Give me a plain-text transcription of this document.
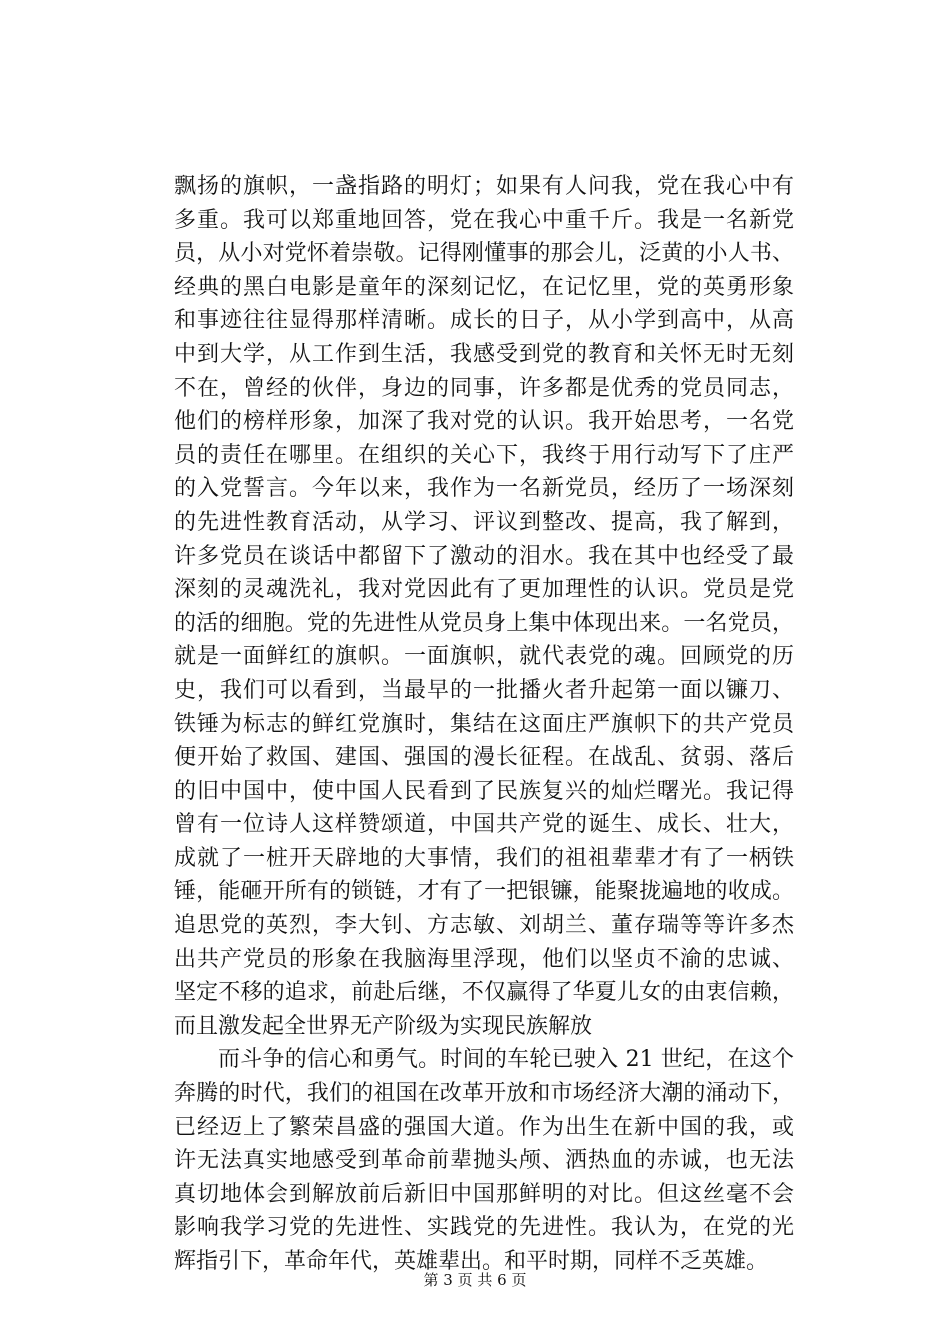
飘扬的旗帜，一盏指路的明灯；如果有人问我，党在我心中有
多重。我可以郑重地回答，党在我心中重千斤。我是一名新党
员，从小对党怀着崇敬。记得刚懂事的那会儿，泛黄的小人书、
经典的黑白电影是童年的深刻记忆，在记忆里，党的英勇形象
和事迹往往显得那样清晰。成长的日子，从小学到高中，从高
中到大学，从工作到生活，我感受到党的教育和关怀无时无刻
不在，曾经的伙伴，身边的同事，许多都是优秀的党员同志，
他们的榜样形象，加深了我对党的认识。我开始思考，一名党
员的责任在哪里。在组织的关心下，我终于用行动写下了庄严
的入党誓言。今年以来，我作为一名新党员，经历了一场深刻
的先进性教育活动，从学习、评议到整改、提高，我了解到，
许多党员在谈话中都留下了激动的泪水。我在其中也经受了最
深刻的灵魂洗礼，我对党因此有了更加理性的认识。党员是党
的活的细胞。党的先进性从党员身上集中体现出来。一名党员，
就是一面鲜红的旗帜。一面旗帜，就代表党的魂。回顾党的历
史，我们可以看到，当最早的一批播火者升起第一面以镰刀、
铁锤为标志的鲜红党旗时，集结在这面庄严旗帜下的共产党员
便开始了救国、建国、强国的漫长征程。在战乱、贫弱、落后
的旧中国中，使中国人民看到了民族复兴的灿烂曙光。我记得
曾有一位诗人这样赞颂道，中国共产党的诞生、成长、壮大，
成就了一桩开天辟地的大事情，我们的祖祖辈辈才有了一柄铁
锤，能砸开所有的锁链，才有了一把银镰，能聚拢遍地的收成。
追思党的英烈，李大钊、方志敏、刘胡兰、董存瑞等等许多杰
出共产党员的形象在我脑海里浮现，他们以坚贞不渝的忠诚、
坚定不移的追求，前赴后继，不仅赢得了华夏儿女的由衷信赖，
而且激发起全世界无产阶级为实现民族解放
而斗争的信心和勇气。时间的车轮已驶入 21 世纪，在这个
奔腾的时代，我们的祖国在改革开放和市场经济大潮的涌动下，
已经迈上了繁荣昌盛的强国大道。作为出生在新中国的我，或
许无法真实地感受到革命前辈抛头颅、洒热血的赤诚，也无法
真切地体会到解放前后新旧中国那鲜明的对比。但这丝毫不会
影响我学习党的先进性、实践党的先进性。我认为，在党的光
辉指引下，革命年代，英雄辈出。和平时期，同样不乏英雄。
第 3 页 共 6 页
